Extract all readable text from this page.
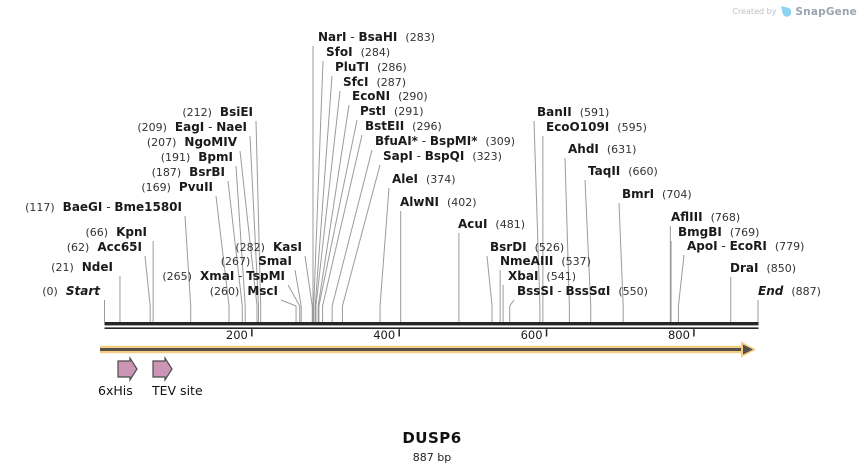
Created by SnapGene
200	400	600	800
(0) Start
(21) NdeI
(62) Acc65I
(66) KpnI
(117) BaeGI - Bme1580I
(169) PvuII
(187) BsrBI
(191) BpmI
(207) NgoMIV
(209) EagI - NaeI
(212) BsiEI
(260) MscI
(265) XmaI - TspMI
(267) SmaI
(282) KasI
NarI - BsaHI (283)
SfoI (284)
PluTI (286)
SfcI (287)
EcoNI (290)
PstI (291)
BstEII (296)
BfuAI* - BspMI* (309)
SapI - BspQI (323)
AleI (374)
AlwNI (402)
AcuI (481)
BsrDI (526)
NmeAIII (537)
XbaI (541)
BssSI - BssSαI (550)
BanII (591)
EcoO109I (595)
AhdI (631)
TaqII (660)
BmrI (704)
AflIII (768)
BmgBI (769)
ApoI - EcoRI (779)
DraI (850)
End (887)
6xHis TEV site
DUSP6
887 bp
